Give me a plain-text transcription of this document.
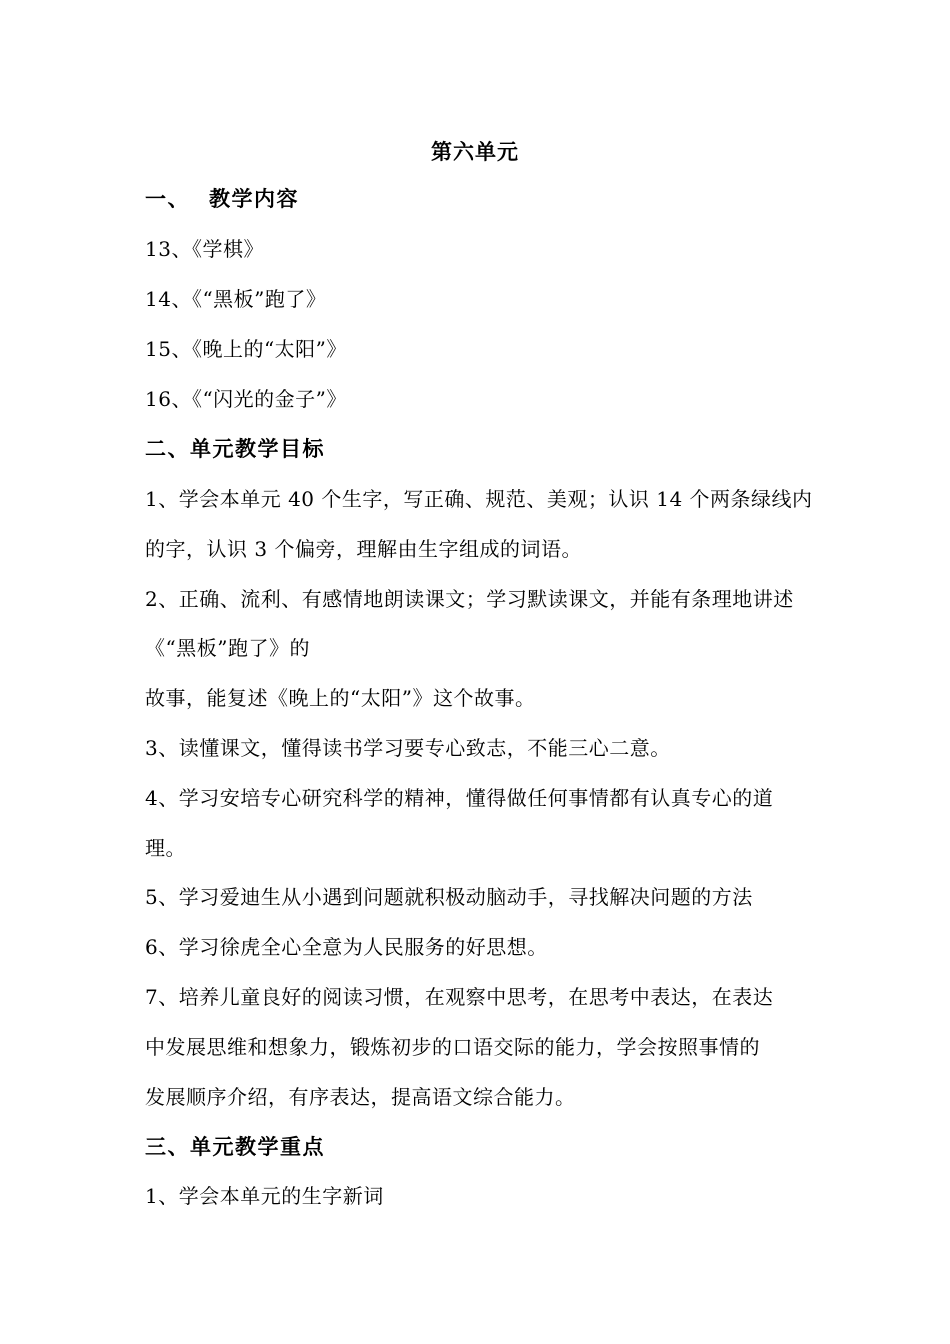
第六单元
一、 教学内容
13、《学棋》
14、《“黑板”跑了》
15、《晚上的“太阳”》
16、《“闪光的金子”》
二、单元教学目标
1、学会本单元 40 个生字，写正确、规范、美观；认识 14 个两条绿线内
的字，认识 3 个偏旁，理解由生字组成的词语。
2、正确、流利、有感情地朗读课文；学习默读课文，并能有条理地讲述
《“黑板”跑了》的
故事，能复述《晚上的“太阳”》这个故事。
3、读懂课文，懂得读书学习要专心致志，不能三心二意。
4、学习安培专心研究科学的精神，懂得做任何事情都有认真专心的道
理。
5、学习爱迪生从小遇到问题就积极动脑动手，寻找解决问题的方法
6、学习徐虎全心全意为人民服务的好思想。
7、培养儿童良好的阅读习惯，在观察中思考，在思考中表达，在表达
中发展思维和想象力，锻炼初步的口语交际的能力，学会按照事情的
发展顺序介绍，有序表达，提高语文综合能力。
三、单元教学重点
1、学会本单元的生字新词
